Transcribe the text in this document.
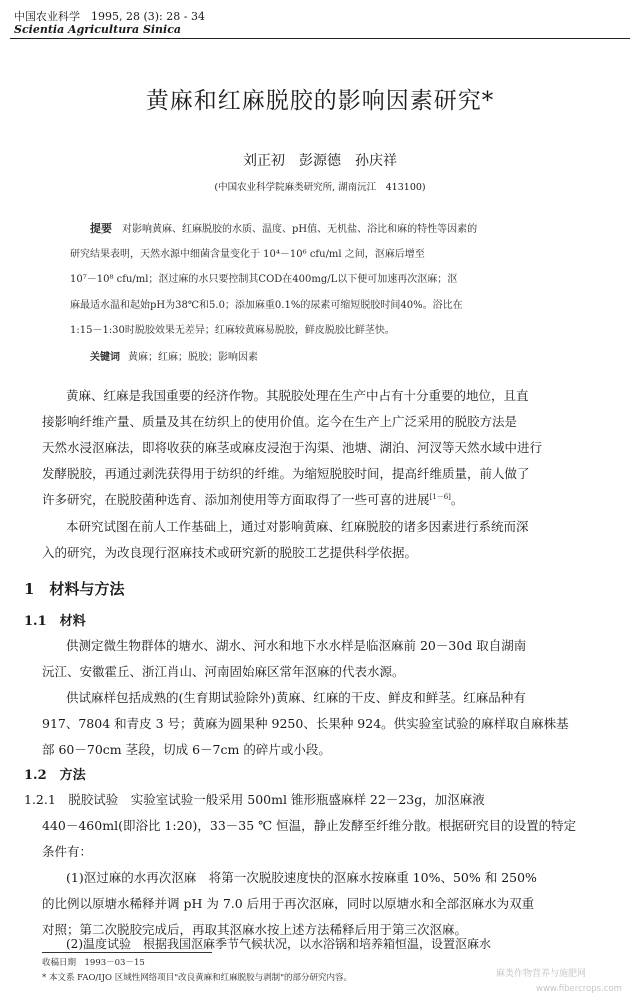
中国农业科学　1995, 28 (3): 28 - 34
Scientia Agricultura Sinica
黄麻和红麻脱胶的影响因素研究*
刘正初　彭源德　孙庆祥
(中国农业科学院麻类研究所, 湖南沅江　413100)
提要 对影响黄麻、红麻脱胶的水质、温度、pH值、无机盐、浴比和麻的特性等因素的
研究结果表明，天然水源中细菌含量变化于 10⁴－10⁶ cfu/ml 之间，沤麻后增至
10⁷－10⁸ cfu/ml；沤过麻的水只要控制其COD在400mg/L以下便可加速再次沤麻；沤
麻最适水温和起始pH为38℃和5.0；添加麻重0.1%的尿素可缩短脱胶时间40%。浴比在
1:15－1:30时脱胶效果无差异；红麻较黄麻易脱胶，鲜皮脱胶比鲜茎快。
关键词 黄麻；红麻；脱胶；影响因素
黄麻、红麻是我国重要的经济作物。其脱胶处理在生产中占有十分重要的地位，且直
接影响纤维产量、质量及其在纺织上的使用价值。迄今在生产上广泛采用的脱胶方法是
天然水浸沤麻法，即将收获的麻茎或麻皮浸泡于沟渠、池塘、湖泊、河汊等天然水域中进行
发酵脱胶，再通过剥洗获得用于纺织的纤维。为缩短脱胶时间，提高纤维质量，前人做了
许多研究，在脱胶菌种选育、添加剂使用等方面取得了一些可喜的进展[1－6]。
本研究试图在前人工作基础上，通过对影响黄麻、红麻脱胶的诸多因素进行系统而深
入的研究，为改良现行沤麻技术或研究新的脱胶工艺提供科学依据。
1　材料与方法
1.1　材料
供测定微生物群体的塘水、湖水、河水和地下水水样是临沤麻前 20－30d 取自湖南
沅江、安徽霍丘、浙江肖山、河南固始麻区常年沤麻的代表水源。
供试麻样包括成熟的(生育期试验除外)黄麻、红麻的干皮、鲜皮和鲜茎。红麻品种有
917、7804 和青皮 3 号；黄麻为圆果种 9250、长果种 924。供实验室试验的麻样取自麻株基
部 60－70cm 茎段，切成 6－7cm 的碎片或小段。
1.2　方法
1.2.1　脱胶试验　实验室试验一般采用 500ml 锥形瓶盛麻样 22－23g，加沤麻液
440－460ml(即浴比 1:20)，33－35 ℃ 恒温，静止发酵至纤维分散。根据研究目的设置的特定
条件有：
(1)沤过麻的水再次沤麻　将第一次脱胶速度快的沤麻水按麻重 10%、50% 和 250%
的比例以原塘水稀释并调 pH 为 7.0 后用于再次沤麻，同时以原塘水和全部沤麻水为双重
对照；第二次脱胶完成后，再取其沤麻水按上述方法稀释后用于第三次沤麻。
(2)温度试验　根据我国沤麻季节气候状况，以水浴锅和培养箱恒温，设置沤麻水
收稿日期　1993－03－15
* 本文系 FAO/IJO 区域性网络项目"改良黄麻和红麻脱胶与剥制"的部分研究内容。	麻类作物营养与施肥网
www.fibercrops.com
